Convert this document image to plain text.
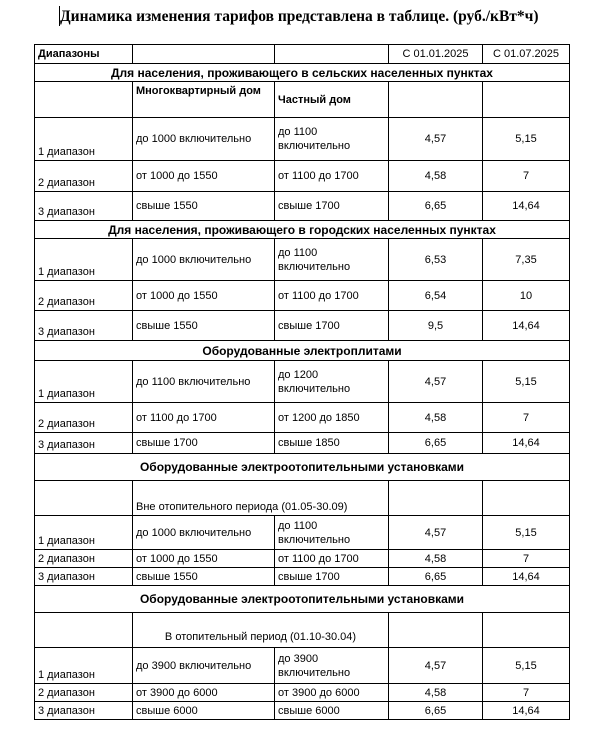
Динамика изменения тарифов представлена в таблице. (руб./кВт*ч)
Диапазоны			С 01.01.2025	С 01.07.2025
Для населения, проживающего в сельских населенных пунктах				
	Многоквартирный дом	Частный дом		
1 диапазон	до 1000 включительно	до 1100 включительно	4,57	5,15
2 диапазон	от 1000 до 1550	от 1100 до 1700	4,58	7
3 диапазон	свыше 1550	свыше 1700	6,65	14,64
Для населения, проживающего в городских населенных пунктах				
1 диапазон	до 1000 включительно	до 1100 включительно	6,53	7,35
2 диапазон	от 1000 до 1550	от 1100 до 1700	6,54	10
3 диапазон	свыше 1550	свыше 1700	9,5	14,64
Оборудованные электроплитами				
1 диапазон	до 1100 включительно	до 1200 включительно	4,57	5,15
2 диапазон	от 1100 до 1700	от 1200 до 1850	4,58	7
3 диапазон	свыше 1700	свыше 1850	6,65	14,64
Оборудованные электроотопительными установками				
	Вне отопительного периода (01.05-30.09)			
1 диапазон	до 1000 включительно	до 1100 включительно	4,57	5,15
2 диапазон	от 1000 до 1550	от 1100 до 1700	4,58	7
3 диапазон	свыше 1550	свыше 1700	6,65	14,64
Оборудованные электроотопительными установками				
	В отопительный период (01.10-30.04)			
1 диапазон	до 3900 включительно	до 3900 включительно	4,57	5,15
2 диапазон	от 3900 до 6000	от 3900 до 6000	4,58	7
3 диапазон	свыше 6000	свыше 6000	6,65	14,64
